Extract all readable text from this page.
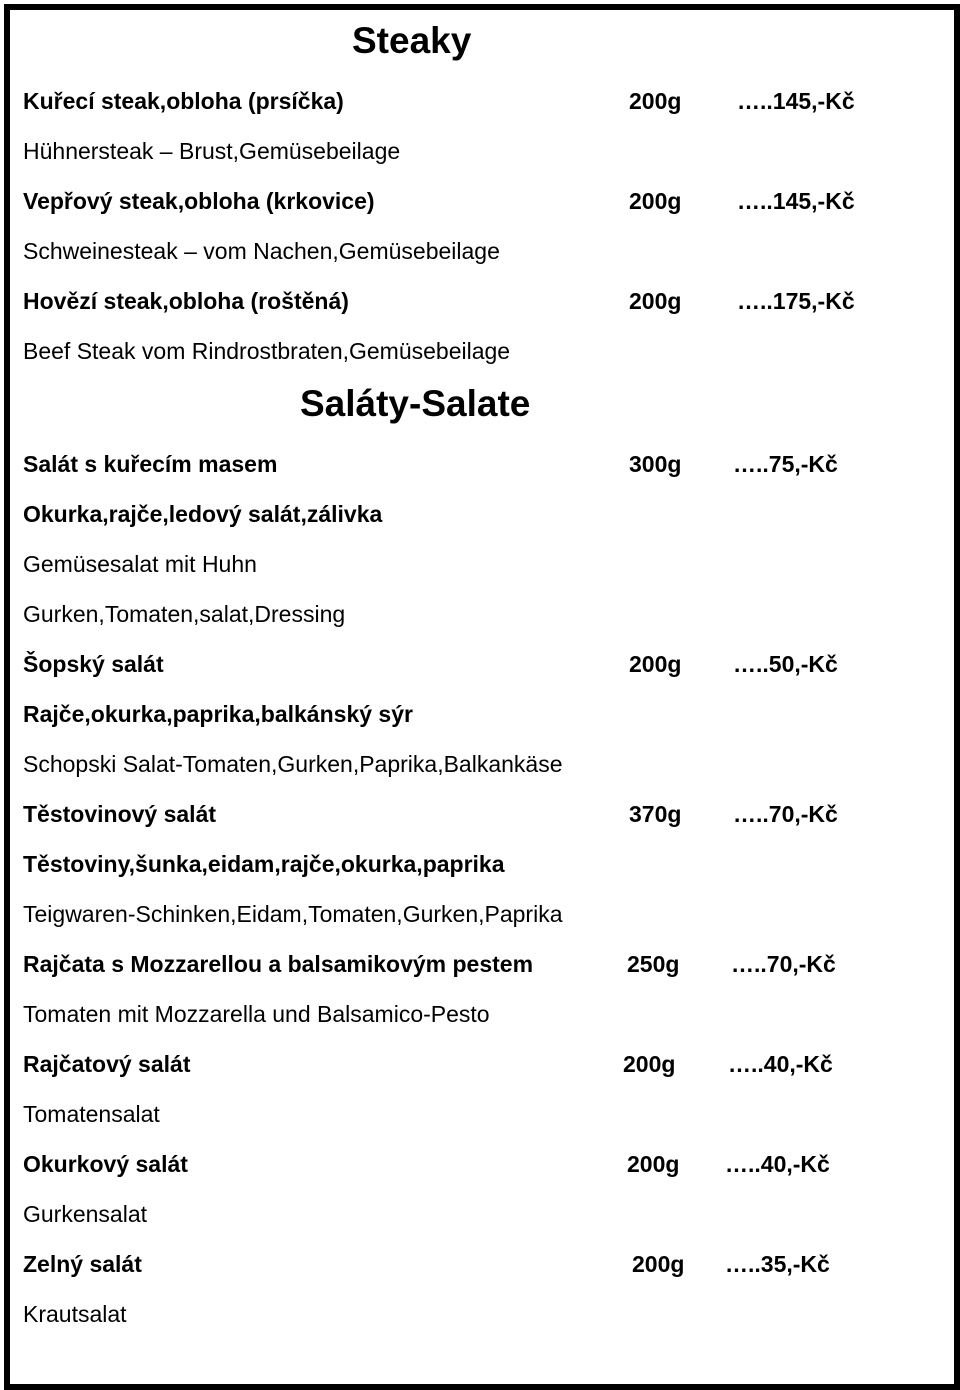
Steaky
Kuřecí steak,obloha (prsíčka)	200g …..145,-Kč
Hühnersteak – Brust,Gemüsebeilage
Vepřový steak,obloha (krkovice)	200g …..145,-Kč
Schweinesteak – vom Nachen,Gemüsebeilage
Hovězí steak,obloha (roštěná)	200g …..175,-Kč
Beef Steak vom Rindrostbraten,Gemüsebeilage
Saláty-Salate
Salát s kuřecím masem	300g …..75,-Kč
Okurka,rajče,ledový salát,zálivka
Gemüsesalat mit Huhn
Gurken,Tomaten,salat,Dressing
Šopský salát	200g …..50,-Kč
Rajče,okurka,paprika,balkánský sýr
Schopski Salat-Tomaten,Gurken,Paprika,Balkankäse
Těstovinový salát	370g …..70,-Kč
Těstoviny,šunka,eidam,rajče,okurka,paprika
Teigwaren-Schinken,Eidam,Tomaten,Gurken,Paprika
Rajčata s Mozzarellou a balsamikovým pestem	250g …..70,-Kč
Tomaten mit Mozzarella und Balsamico-Pesto
Rajčatový salát	200g …..40,-Kč
Tomatensalat
Okurkový salát	200g …..40,-Kč
Gurkensalat
Zelný salát	200g …..35,-Kč
Krautsalat
